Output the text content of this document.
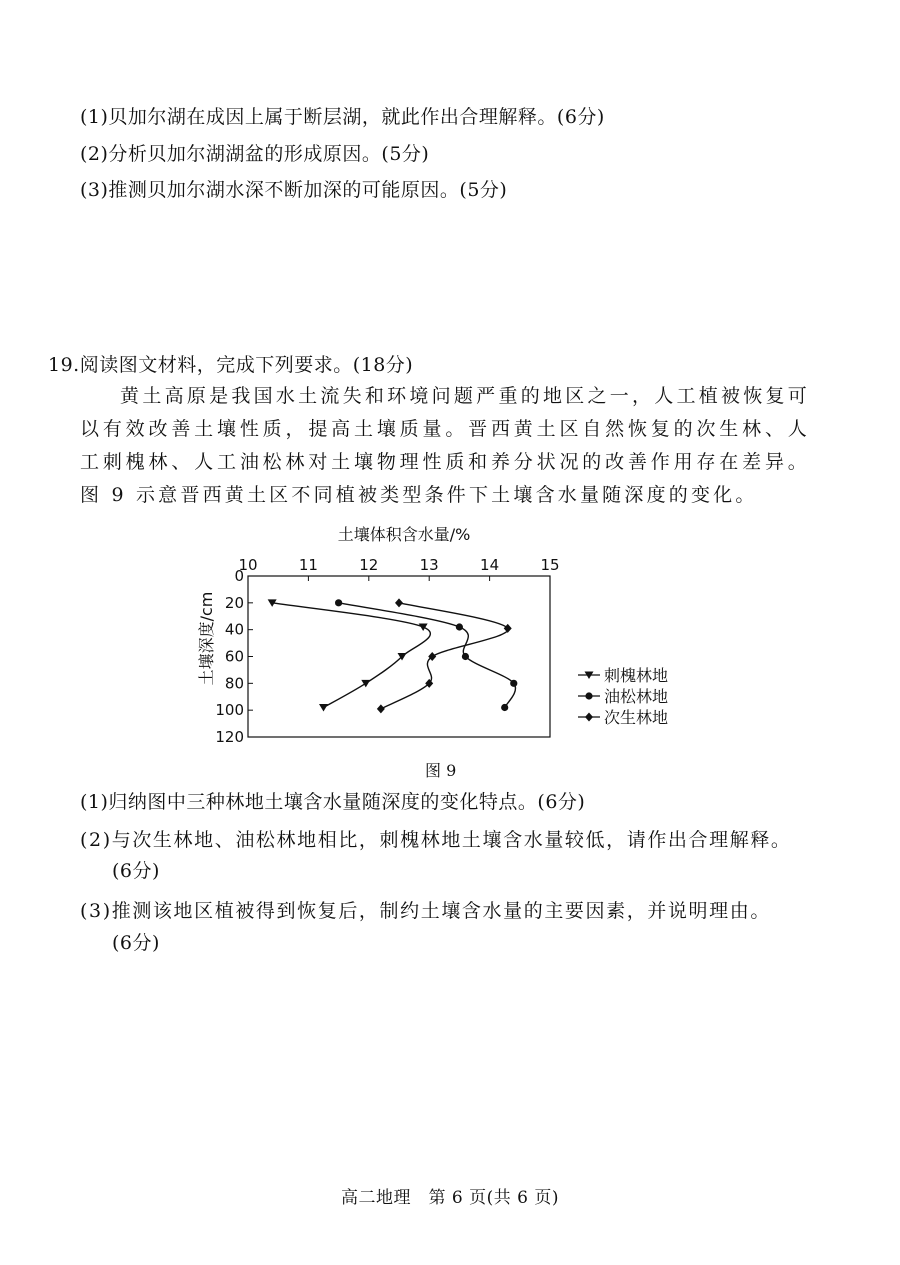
(1)贝加尔湖在成因上属于断层湖，就此作出合理解释。(6分)
(2)分析贝加尔湖湖盆的形成原因。(5分)
(3)推测贝加尔湖水深不断加深的可能原因。(5分)
19.阅读图文材料，完成下列要求。(18分)
黄土高原是我国水土流失和环境问题严重的地区之一，人工植被恢复可以有效改善土壤性质，提高土壤质量。晋西黄土区自然恢复的次生林、人工刺槐林、人工油松林对土壤物理性质和养分状况的改善作用存在差异。图 9 示意晋西黄土区不同植被类型条件下土壤含水量随深度的变化。
10	11	12	13	14	15
0
20
40
60
80
100
120
土壤体积含水量/%
土壤深度/cm	刺槐林地
油松林地
次生林地
图 9
(1)归纳图中三种林地土壤含水量随深度的变化特点。(6分)
(2)与次生林地、油松林地相比，刺槐林地土壤含水量较低，请作出合理解释。
(6分)
(3)推测该地区植被得到恢复后，制约土壤含水量的主要因素，并说明理由。
(6分)
高二地理　第 6 页(共 6 页)
